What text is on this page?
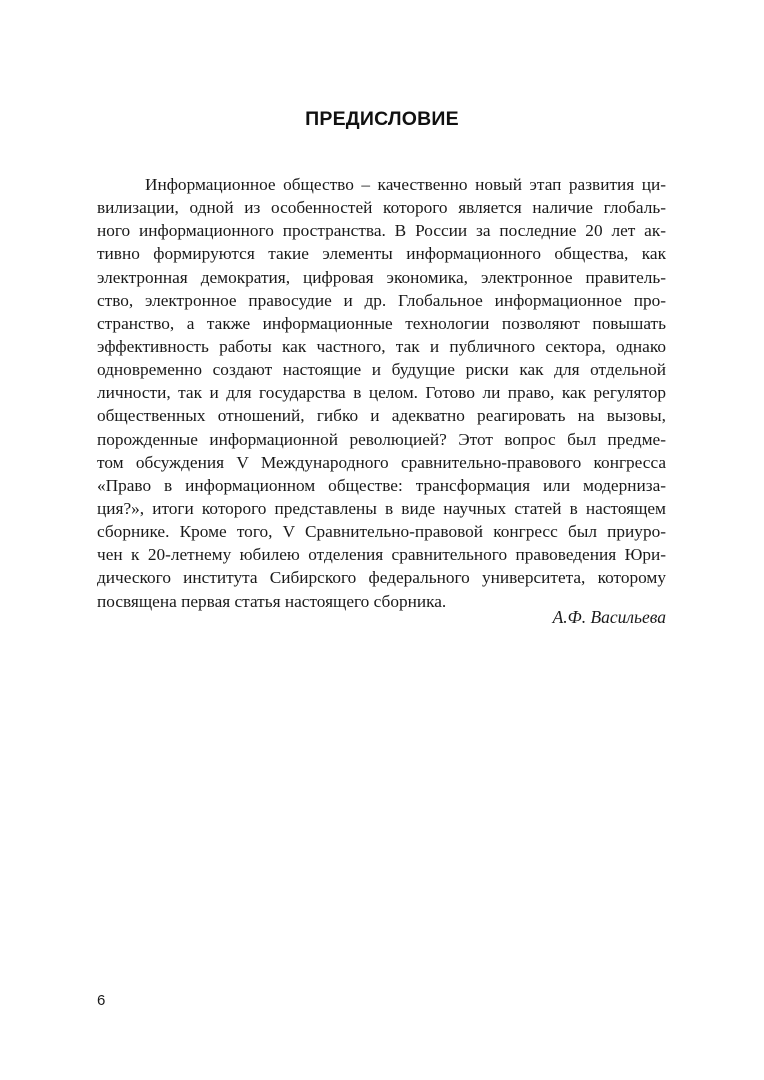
ПРЕДИСЛОВИЕ
Информационное общество – качественно новый этап развития ци-
вилизации, одной из особенностей которого является наличие глобаль-
ного информационного пространства. В России за последние 20 лет ак-
тивно формируются такие элементы информационного общества, как
электронная демократия, цифровая экономика, электронное правитель-
ство, электронное правосудие и др. Глобальное информационное про-
странство, а также информационные технологии позволяют повышать
эффективность работы как частного, так и публичного сектора, однако
одновременно создают настоящие и будущие риски как для отдельной
личности, так и для государства в целом. Готово ли право, как регулятор
общественных отношений, гибко и адекватно реагировать на вызовы,
порожденные информационной революцией? Этот вопрос был предме-
том обсуждения V Международного сравнительно-правового конгресса
«Право в информационном обществе: трансформация или модерниза-
ция?», итоги которого представлены в виде научных статей в настоящем
сборнике. Кроме того, V Сравнительно-правовой конгресс был приуро-
чен к 20-летнему юбилею отделения сравнительного правоведения Юри-
дического института Сибирского федерального университета, которому
посвящена первая статья настоящего сборника.
А.Ф. Васильева
6
